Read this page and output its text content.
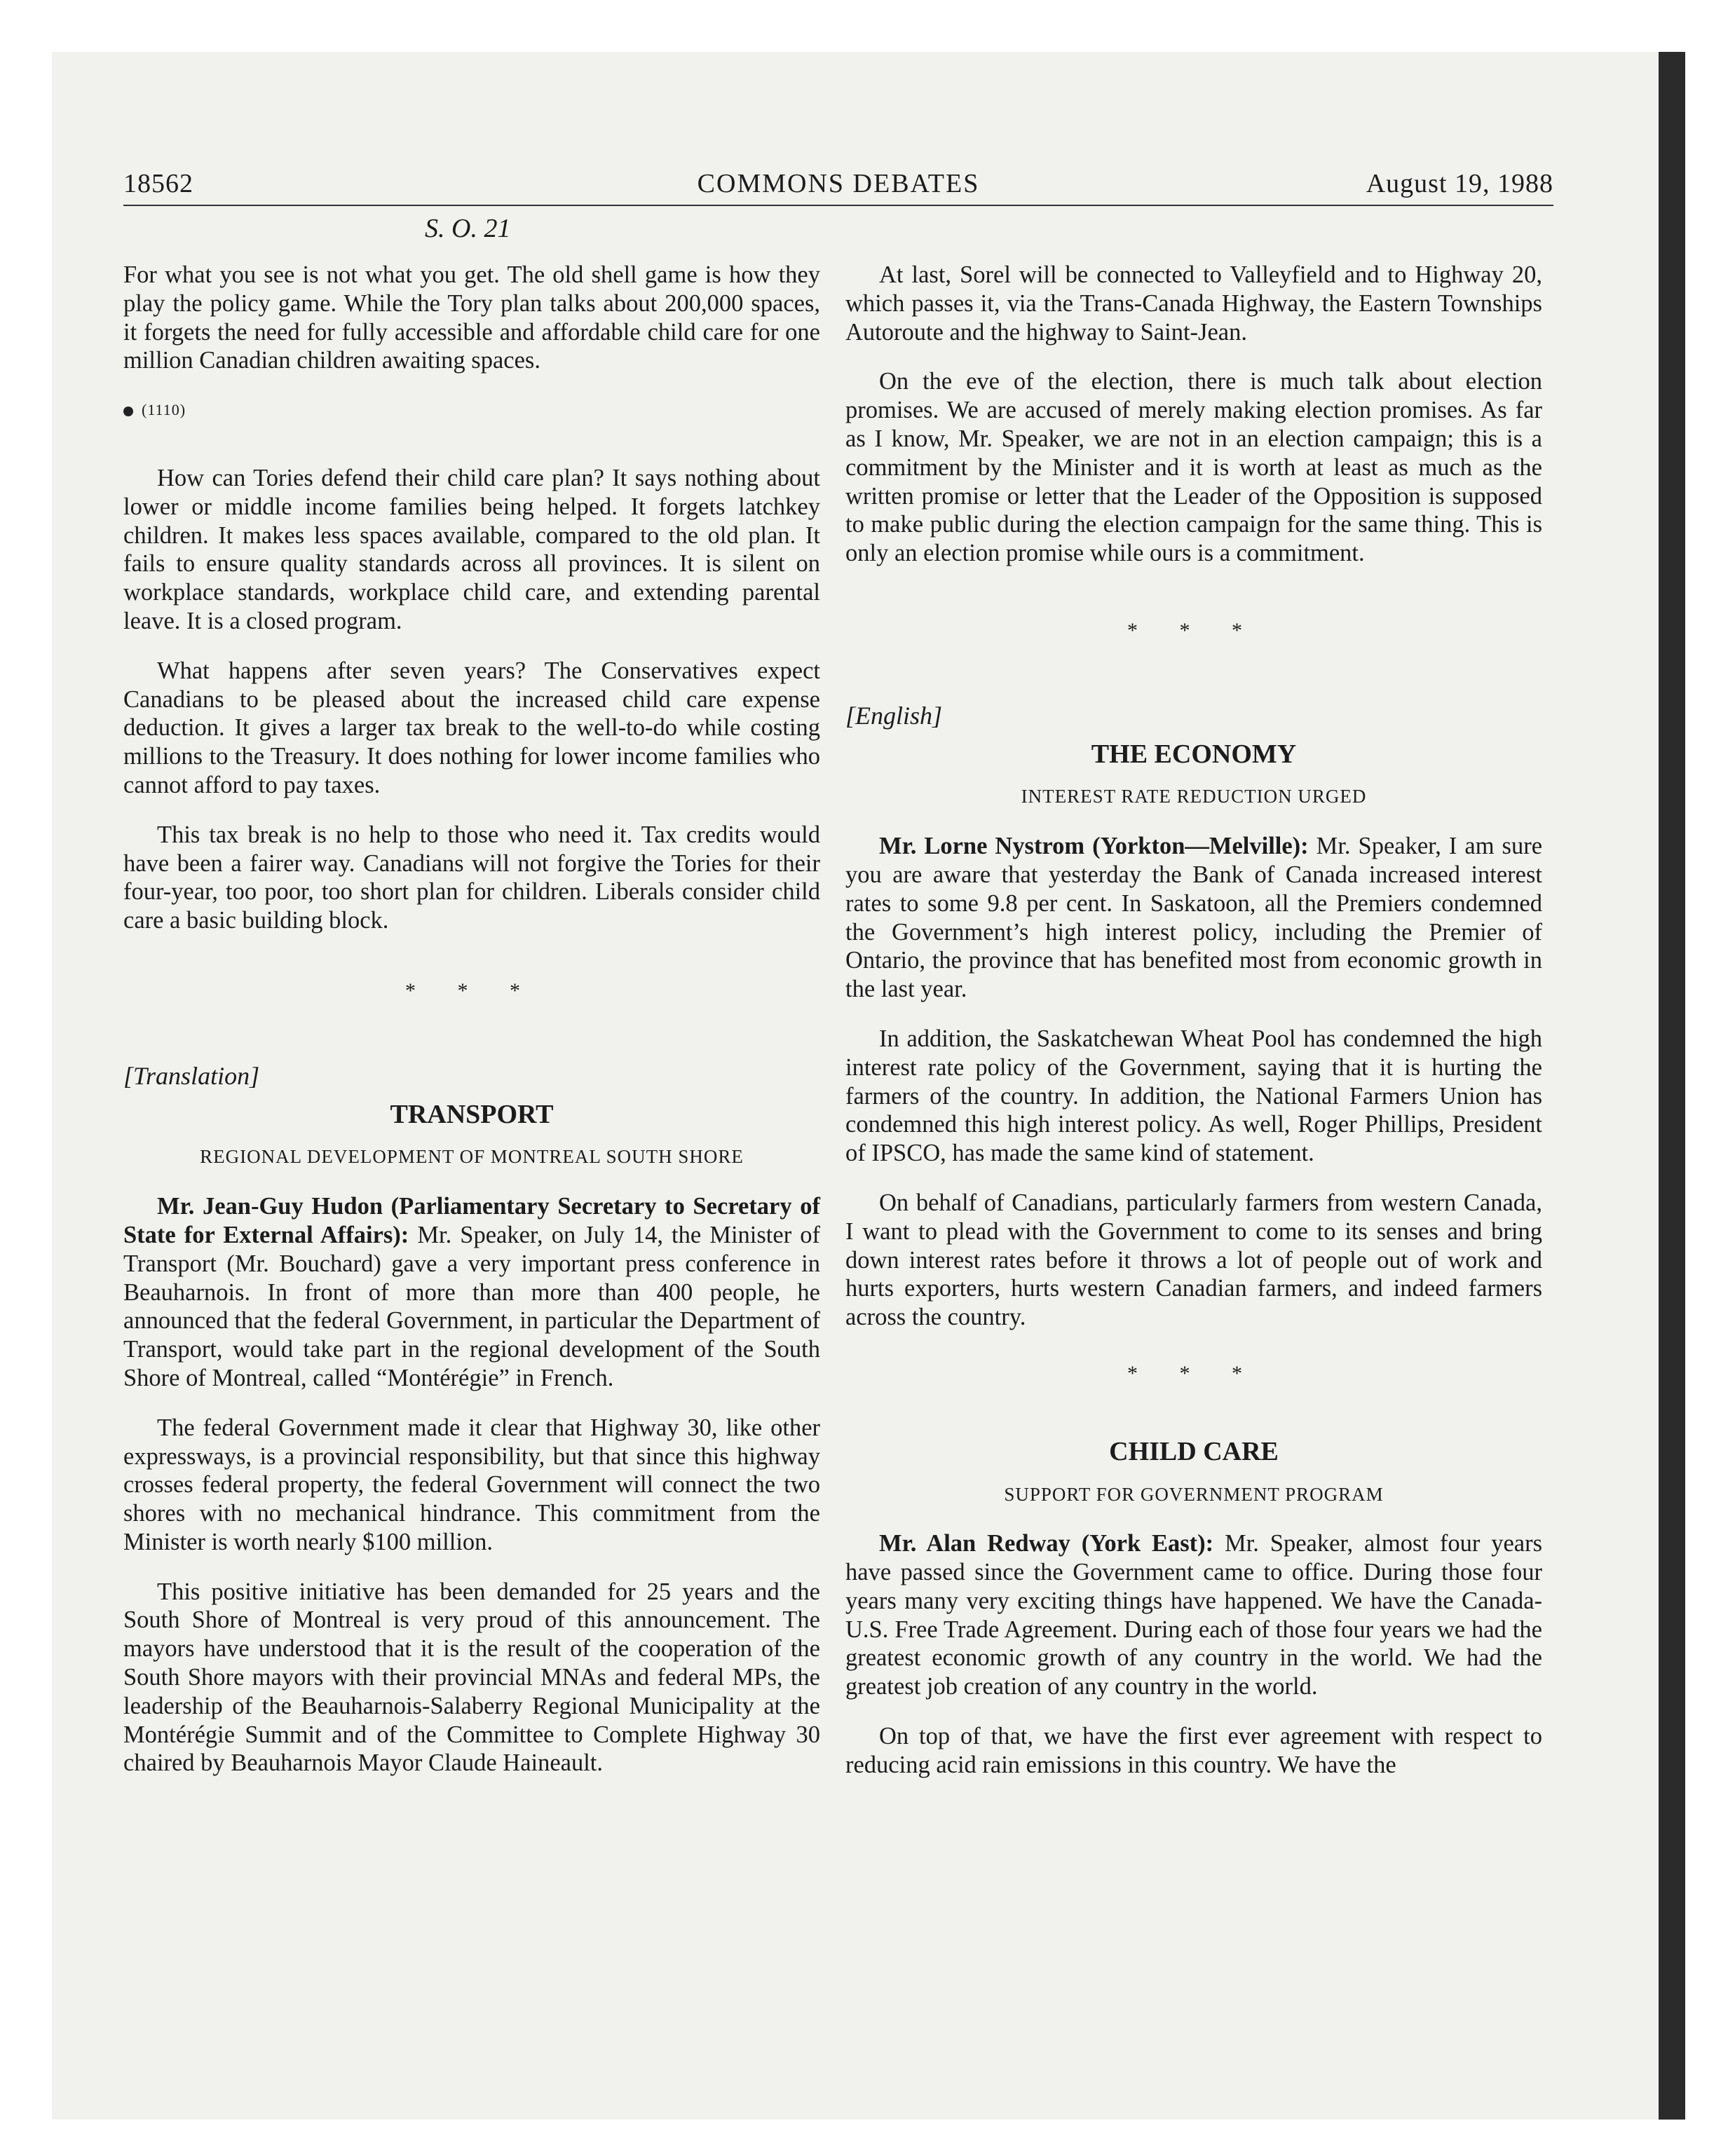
COMMONS DEBATES
18562	August 19, 1988
S. O. 21

For what you see is not what you get. The old shell game is how they play the policy game. While the Tory plan talks about 200,000 spaces, it forgets the need for fully accessible and affordable child care for one million Canadian children awaiting spaces.

(1110)

How can Tories defend their child care plan? It says nothing about lower or middle income families being helped. It forgets latchkey children. It makes less spaces available, compared to the old plan. It fails to ensure quality standards across all provinces. It is silent on workplace standards, workplace child care, and extending parental leave. It is a closed program.

What happens after seven years? The Conservatives expect Canadians to be pleased about the increased child care expense deduction. It gives a larger tax break to the well-to-do while costing millions to the Treasury. It does nothing for lower income families who cannot afford to pay taxes.

This tax break is no help to those who need it. Tax credits would have been a fairer way. Canadians will not forgive the Tories for their four-year, too poor, too short plan for children. Liberals consider child care a basic building block.

* * *
[Translation]
TRANSPORT
REGIONAL DEVELOPMENT OF MONTREAL SOUTH SHORE

Mr. Jean-Guy Hudon (Parliamentary Secretary to Secretary of State for External Affairs): Mr. Speaker, on July 14, the Minister of Transport (Mr. Bouchard) gave a very important press conference in Beauharnois. In front of more than more than 400 people, he announced that the federal Government, in particular the Department of Transport, would take part in the regional development of the South Shore of Montreal, called “Montérégie” in French.

The federal Government made it clear that Highway 30, like other expressways, is a provincial responsibility, but that since this highway crosses federal property, the federal Government will connect the two shores with no mechanical hindrance. This commitment from the Minister is worth nearly $100 million.

This positive initiative has been demanded for 25 years and the South Shore of Montreal is very proud of this announcement. The mayors have understood that it is the result of the cooperation of the South Shore mayors with their provincial MNAs and federal MPs, the leadership of the Beauharnois-Salaberry Regional Municipality at the Montérégie Summit and of the Committee to Complete Highway 30 chaired by Beauharnois Mayor Claude Haineault.

At last, Sorel will be connected to Valleyfield and to Highway 20, which passes it, via the Trans-Canada Highway, the Eastern Townships Autoroute and the highway to Saint-Jean.

On the eve of the election, there is much talk about election promises. We are accused of merely making election promises. As far as I know, Mr. Speaker, we are not in an election campaign; this is a commitment by the Minister and it is worth at least as much as the written promise or letter that the Leader of the Opposition is supposed to make public during the election campaign for the same thing. This is only an election promise while ours is a commitment.

* * *
[English]
THE ECONOMY
INTEREST RATE REDUCTION URGED

Mr. Lorne Nystrom (Yorkton—Melville): Mr. Speaker, I am sure you are aware that yesterday the Bank of Canada increased interest rates to some 9.8 per cent. In Saskatoon, all the Premiers condemned the Government’s high interest policy, including the Premier of Ontario, the province that has benefited most from economic growth in the last year.

In addition, the Saskatchewan Wheat Pool has condemned the high interest rate policy of the Government, saying that it is hurting the farmers of the country. In addition, the National Farmers Union has condemned this high interest policy. As well, Roger Phillips, President of IPSCO, has made the same kind of statement.

On behalf of Canadians, particularly farmers from western Canada, I want to plead with the Government to come to its senses and bring down interest rates before it throws a lot of people out of work and hurts exporters, hurts western Canadian farmers, and indeed farmers across the country.

* * *
CHILD CARE
SUPPORT FOR GOVERNMENT PROGRAM

Mr. Alan Redway (York East): Mr. Speaker, almost four years have passed since the Government came to office. During those four years many very exciting things have happened. We have the Canada-U.S. Free Trade Agreement. During each of those four years we had the greatest economic growth of any country in the world. We had the greatest job creation of any country in the world.

On top of that, we have the first ever agreement with respect to reducing acid rain emissions in this country. We have the
